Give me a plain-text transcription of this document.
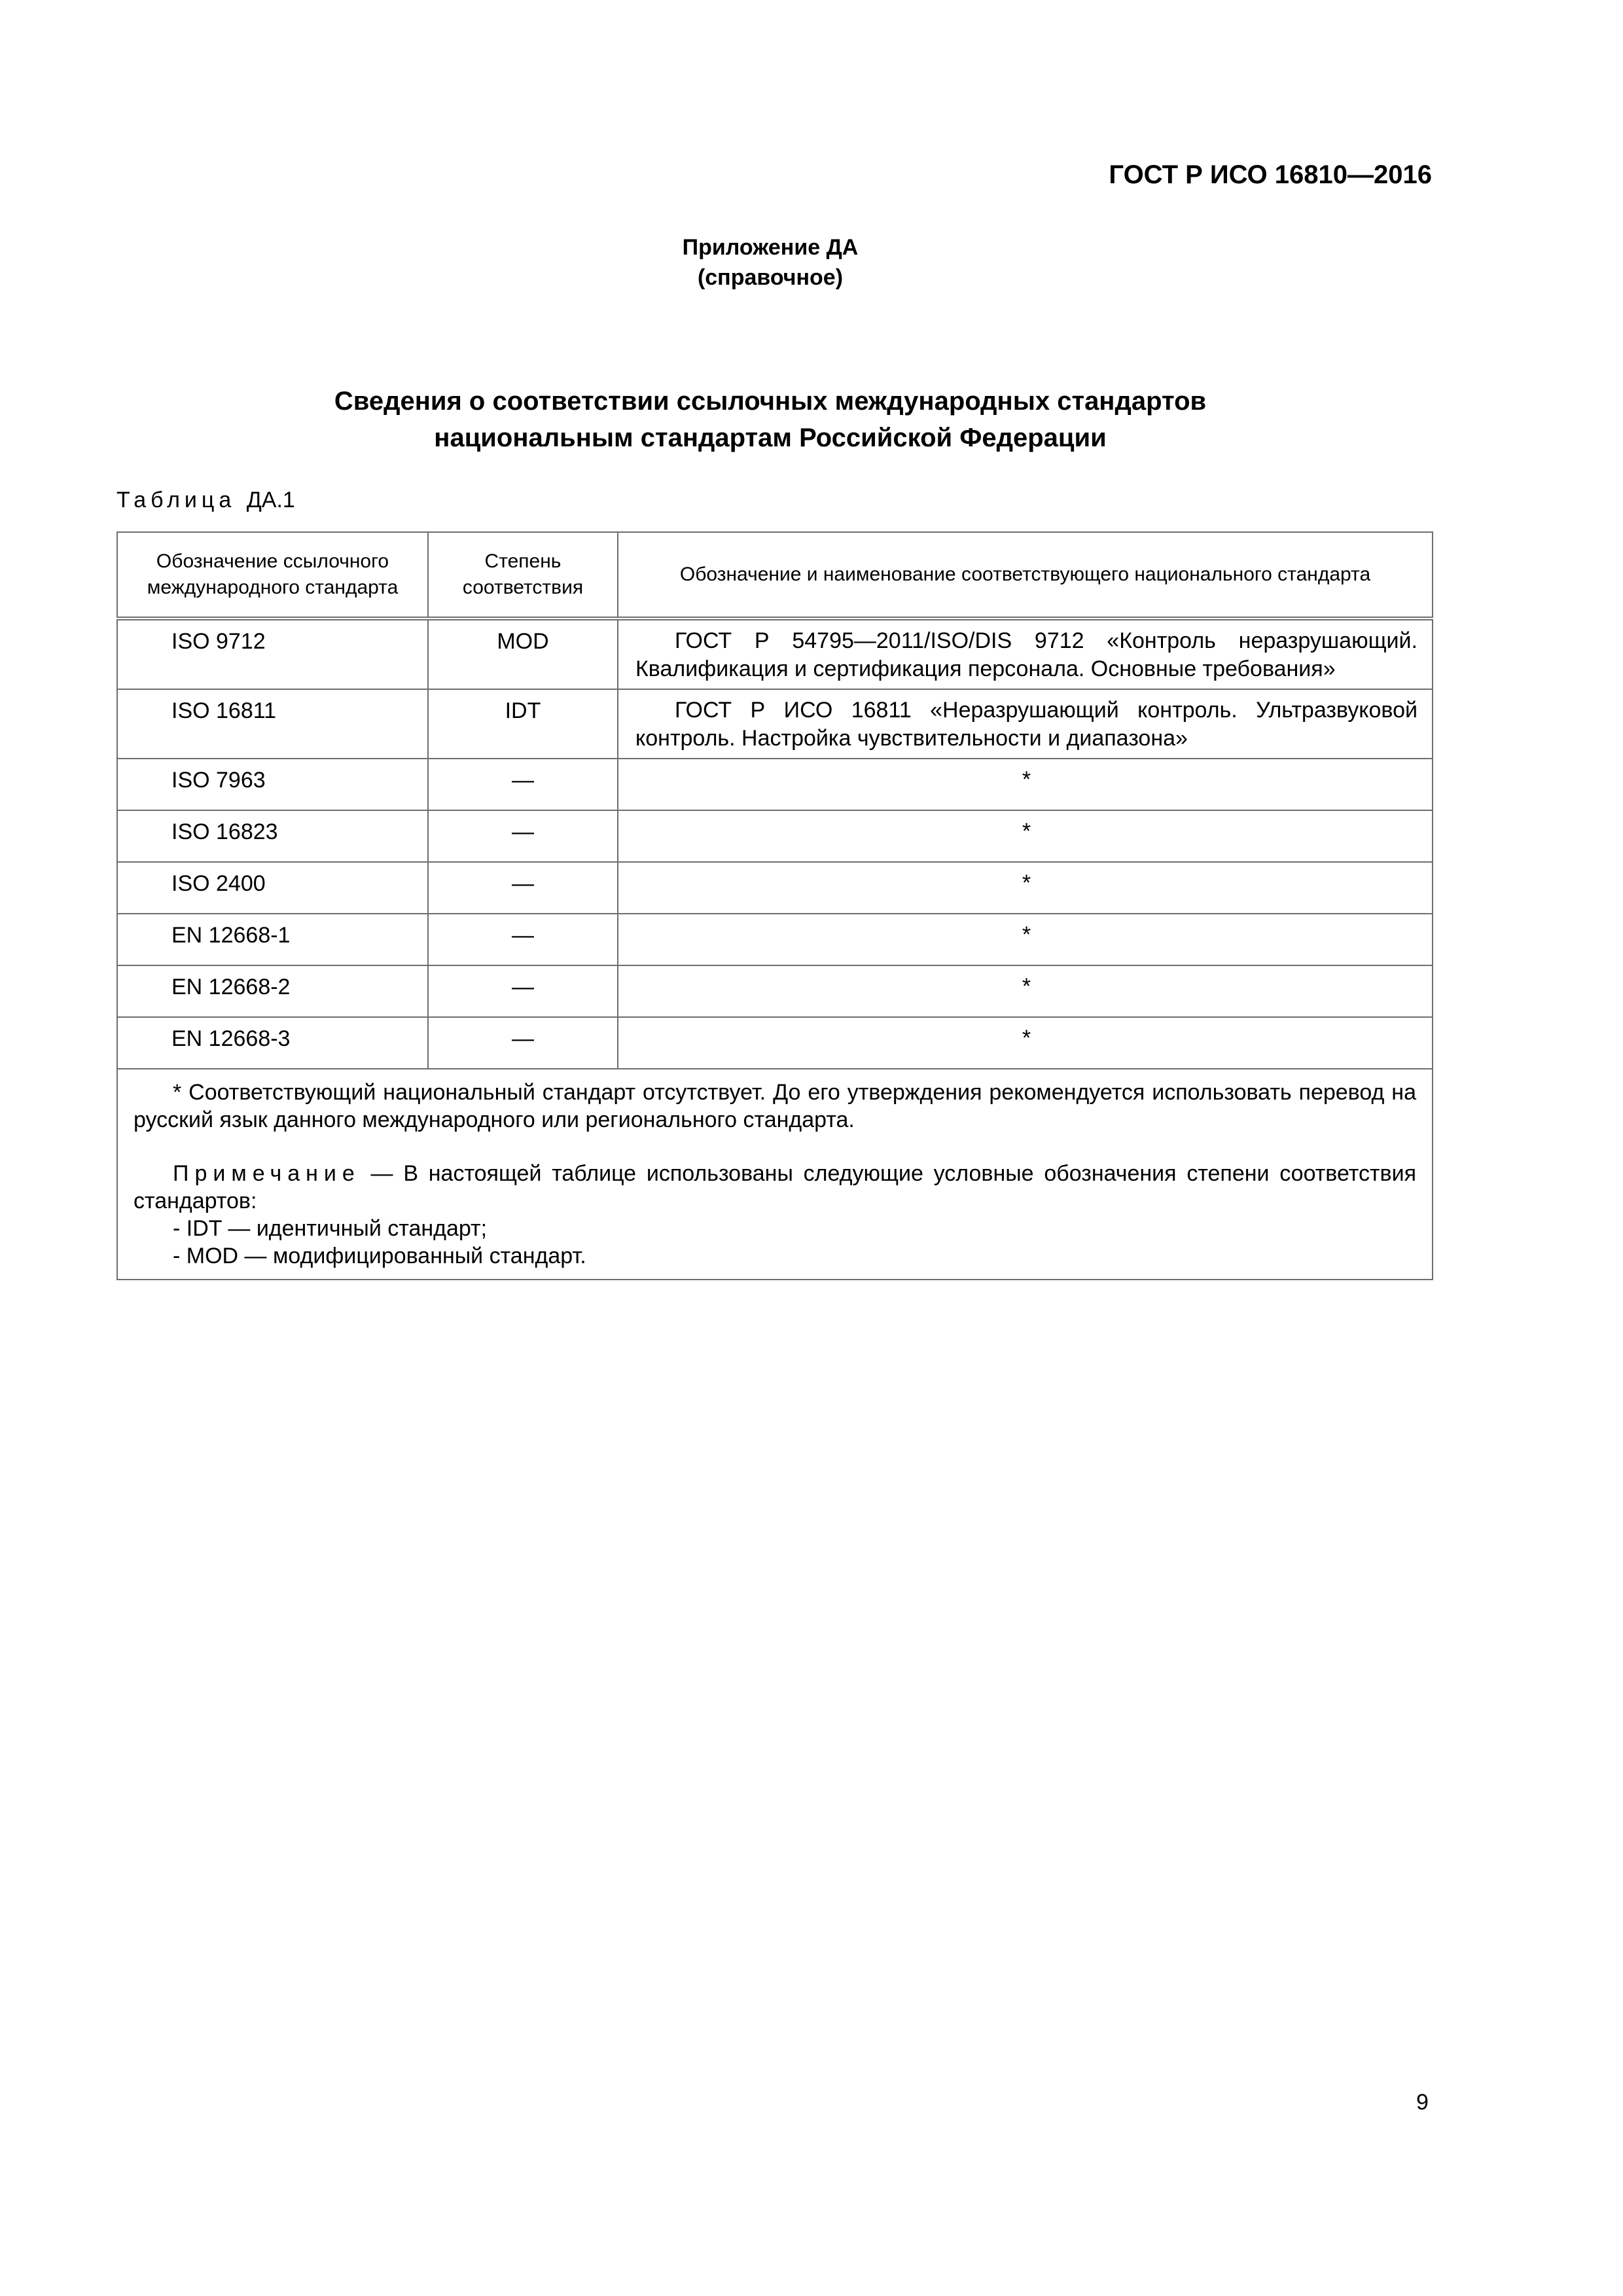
ГОСТ Р ИСО 16810—2016
Приложение ДА
(справочное)
Сведения о соответствии ссылочных международных стандартов
национальным стандартам Российской Федерации
Таблица ДА.1
Обозначение ссылочного международного стандарта	Степень соответствия	Обозначение и наименование соответствующего национального стандарта
ISO 9712	MOD	ГОСТ Р 54795—2011/ISO/DIS 9712 «Контроль неразрушающий. Квалификация и сертификация персонала. Основные требования»
ISO 16811	IDT	ГОСТ Р ИСО 16811 «Неразрушающий контроль. Ультразвуковой контроль. Настройка чувствительности и диапазона»
ISO 7963	—	*
ISO 16823	—	*
ISO 2400	—	*
EN 12668-1	—	*
EN 12668-2	—	*
EN 12668-3	—	*

* Соответствующий национальный стандарт отсутствует. До его утверждения рекомендуется использовать перевод на русский язык данного международного или регионального стандарта.

Примечание — В настоящей таблице использованы следующие условные обозначения степени соответствия стандартов:

- IDT — идентичный стандарт;

- MOD — модифицированный стандарт.		

9
